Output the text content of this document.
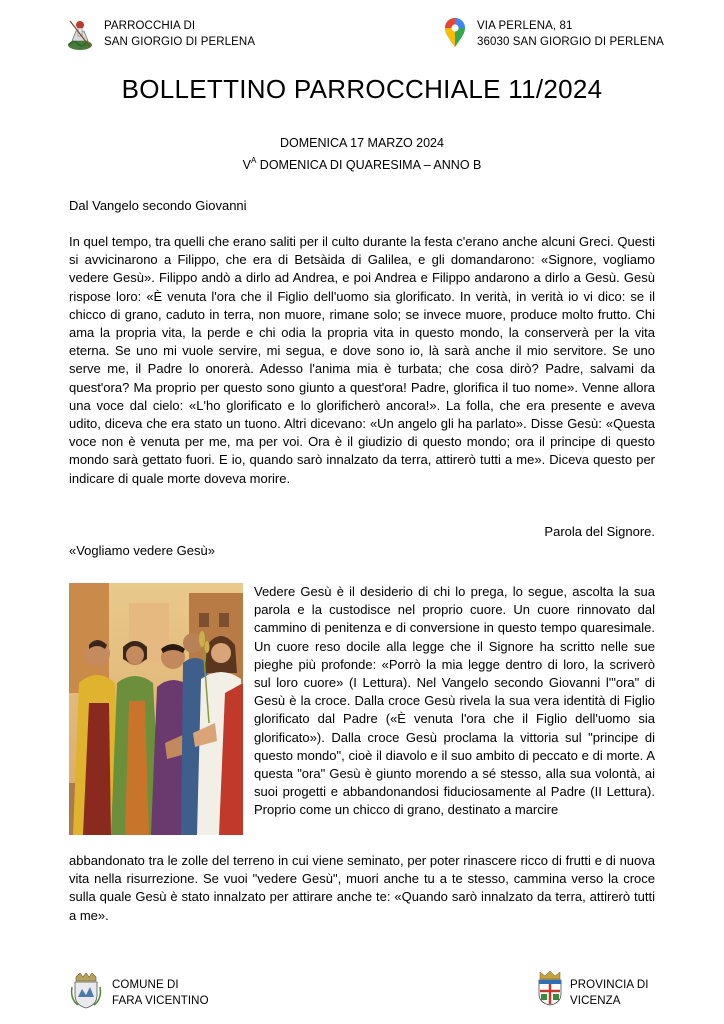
PARROCCHIA DI
SAN GIORGIO DI PERLENA
VIA PERLENA, 81
36030 SAN GIORGIO DI PERLENA
BOLLETTINO PARROCCHIALE 11/2024
DOMENICA 17 MARZO 2024
$V^A$ DOMENICA DI QUARESIMA – ANNO B
Dal Vangelo secondo Giovanni
In quel tempo, tra quelli che erano saliti per il culto durante la festa c'erano anche alcuni Greci. Questi si avvicinarono a Filippo, che era di Betsàida di Galilea, e gli domandarono: «Signore, vogliamo vedere Gesù». Filippo andò a dirlo ad Andrea, e poi Andrea e Filippo andarono a dirlo a Gesù. Gesù rispose loro: «È venuta l'ora che il Figlio dell'uomo sia glorificato. In verità, in verità io vi dico: se il chicco di grano, caduto in terra, non muore, rimane solo; se invece muore, produce molto frutto. Chi ama la propria vita, la perde e chi odia la propria vita in questo mondo, la conserverà per la vita eterna. Se uno mi vuole servire, mi segua, e dove sono io, là sarà anche il mio servitore. Se uno serve me, il Padre lo onorerà. Adesso l'anima mia è turbata; che cosa dirò? Padre, salvami da quest'ora? Ma proprio per questo sono giunto a quest'ora! Padre, glorifica il tuo nome». Venne allora una voce dal cielo: «L'ho glorificato e lo glorificherò ancora!». La folla, che era presente e aveva udito, diceva che era stato un tuono. Altri dicevano: «Un angelo gli ha parlato». Disse Gesù: «Questa voce non è venuta per me, ma per voi. Ora è il giudizio di questo mondo; ora il principe di questo mondo sarà gettato fuori. E io, quando sarò innalzato da terra, attirerò tutti a me». Diceva questo per indicare di quale morte doveva morire.
Parola del Signore.
«Vogliamo vedere Gesù»
Vedere Gesù è il desiderio di chi lo prega, lo segue, ascolta la sua parola e la custodisce nel proprio cuore. Un cuore rinnovato dal cammino di penitenza e di conversione in questo tempo quaresimale. Un cuore reso docile alla legge che il Signore ha scritto nelle sue pieghe più profonde: «Porrò la mia legge dentro di loro, la scriverò sul loro cuore» (I Lettura). Nel Vangelo secondo Giovanni l'"ora" di Gesù è la croce. Dalla croce Gesù rivela la sua vera identità di Figlio glorificato dal Padre («È venuta l'ora che il Figlio dell'uomo sia glorificato»). Dalla croce Gesù proclama la vittoria sul "principe di questo mondo", cioè il diavolo e il suo ambito di peccato e di morte. A questa "ora" Gesù è giunto morendo a sé stesso, alla sua volontà, ai suoi progetti e abbandonandosi fiduciosamente al Padre (II Lettura). Proprio come un chicco di grano, destinato a marcire
abbandonato tra le zolle del terreno in cui viene seminato, per poter rinascere ricco di frutti e di nuova vita nella risurrezione. Se vuoi "vedere Gesù", muori anche tu a te stesso, cammina verso la croce sulla quale Gesù è stato innalzato per attirare anche te: «Quando sarò innalzato da terra, attirerò tutti a me».
COMUNE DI
FARA VICENTINO
PROVINCIA DI
VICENZA
